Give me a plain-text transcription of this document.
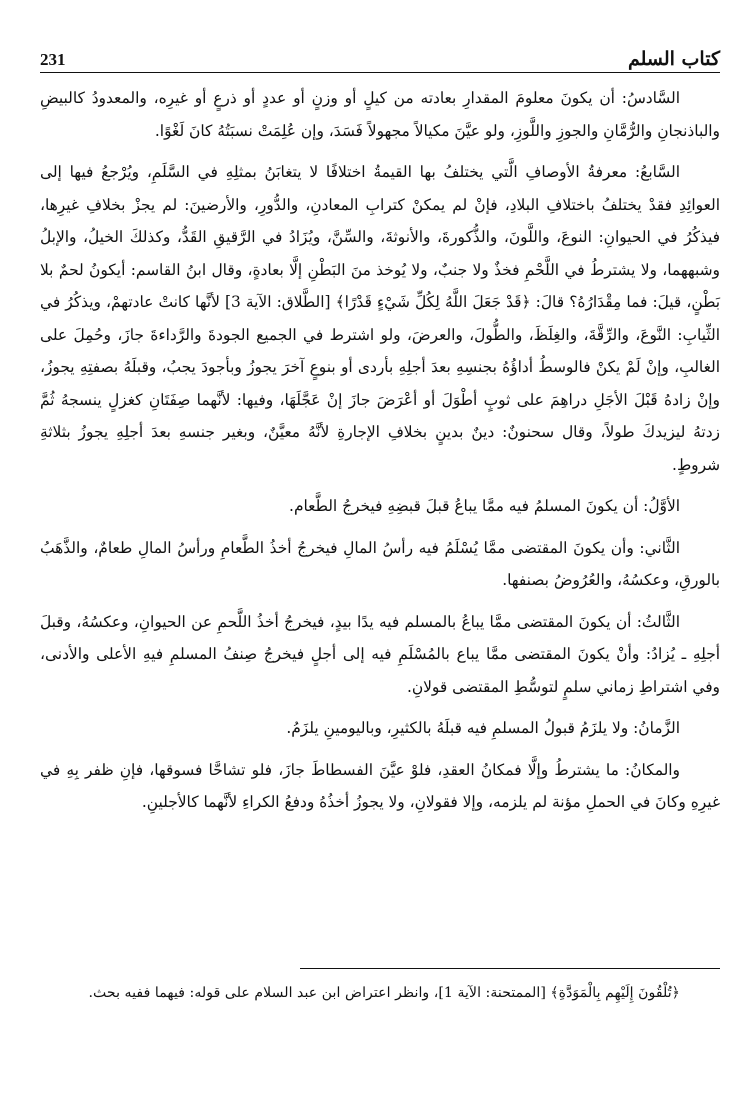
كتاب السلم
231

السَّادسُ: أن يكونَ معلومَ المقدارِ بعادته من كيلٍ أو وزنٍ أو عددٍ أو ذرعٍ أو غيرِه، والمعدودُ كالبيضِ والباذنجانِ والرُّمَّانِ والجوزِ واللَّوزِ، ولو عيَّنَ مكيالاً مجهولاً فَسَدَ، وإن عُلِمَتْ نسبَتُهُ كانَ لَغْوًا.

السَّابعُ: معرفةُ الأوصافِ الَّتي يختلفُ بها القيمةُ اختلافًا لا يتغابَنُ بمثلِهِ في السَّلَمِ، ويُرْجعُ فيها إلى العوائِدِ فقدْ يختلفُ باختلافِ البلادِ، فإنْ لم يمكنْ كترابِ المعادنِ، والدُّورِ، والأرضينَ: لم يجزْ بخلافِ غيرِها، فيذكُرُ في الحيوانِ: النوعَ، واللَّونَ، والذُّكورةَ، والأنوثةَ، والسِّنَّ، ويُزَادُ في الرَّقيقِ القَدُّ، وكذلكَ الخيلُ، والإبلُ وشبههما، ولا يشترطُ في اللَّحْمِ فخذٌ ولا جنبٌ، ولا يُوخذ منَ البَطْنِ إلَّا بعادةٍ، وقال ابنُ القاسم: أيكونُ لحمٌ بلا بَطْنٍ، قيلَ: فما مِقْدَارُهُ؟ قالَ: ﴿قَدْ جَعَلَ اللَّهُ لِكُلِّ شَيْءٍ قَدْرًا﴾ [الطَّلاق: الآية 3] لأنَّها كانتْ عادتهمْ، ويذكُرُ في الثِّيابِ: النَّوعَ، والرِّقَّةَ، والغِلَظَ، والطُّولَ، والعرضَ، ولو اشترط في الجميع الجودةَ والرَّداءةَ جازَ، وحُمِلَ على الغالبِ، وإنْ لَمْ يكنْ فالوسطُ أداؤُهُ بجنسِهِ بعدَ أجلِهِ بأردى أو بنوعٍ آخرَ يجوزُ وبأجودَ يجبُ، وقبلَهُ بصفتِهِ يجوزُ، وإنْ زادهُ قَبْلَ الأجَلِ دراهِمَ على ثوبٍ أطْوَلَ أو أعْرَضَ جازَ إنْ عَجَّلَهَا، وفيها: لأنَّهما صِفَتَانِ كغزلٍ ينسجهُ ثُمَّ زدتهُ ليزيدكَ طولاً، وقال سحنونٌ: دينٌ بدينٍ بخلافِ الإجارةِ لأنَّهُ معيَّنٌ، وبغير جنسهِ بعدَ أجلِهِ يجوزُ بثلاثةِ شروطٍ.

الأوَّلُ: أن يكونَ المسلمُ فيه ممَّا يباعُ قبلَ قبضِهِ فيخرجُ الطَّعام.

الثَّاني: وأن يكونَ المقتضى ممَّا يُسْلَمُ فيه رأسُ المالِ فيخرجُ أخذُ الطَّعامِ ورأسُ المالِ طعامٌ، والذَّهَبُ بالورقِ، وعكسُهُ، والعُرُوضُ بصنفها.

الثَّالثُ: أن يكونَ المقتضى ممَّا يباعُ بالمسلم فيه يدًا بيدٍ، فيخرجُ أخذُ اللَّحمِ عن الحيوانِ، وعكسُهُ، وقبلَ أجلِهِ ـ يُزادُ: وأنْ يكونَ المقتضى ممَّا يباع بالمُسْلَمِ فيه إلى أجلٍ فيخرجُ صِنفُ المسلمِ فيهِ الأعلى والأدنى، وفي اشتراطِ زماني سلمٍ لتوسُّطِ المقتضى قولانِ.

الزَّمانُ: ولا يلزَمُ قبولُ المسلمِ فيه قبلَهُ بالكثيرِ، وباليومينِ يلزَمُ.

والمكانُ: ما يشترطُ وإلَّا فمكانُ العقدِ، فلوْ عيَّنَ الفسطاطَ جازَ، فلو تشاحَّا فسوقها، فإنِ ظفر بِهِ في غيرِهِ وكانَ في الحملِ مؤنة لم يلزمه، وإلا فقولانِ، ولا يجوزُ أخذُهُ ودفعُ الكراءِ لأنَّهما كالأجلينِ.

﴿تُلْقُونَ إِلَيْهِم بِالْمَوَدَّةِ﴾ [الممتحنة: الآية 1]، وانظر اعتراض ابن عبد السلام على قوله: فيهما ففيه بحث.
